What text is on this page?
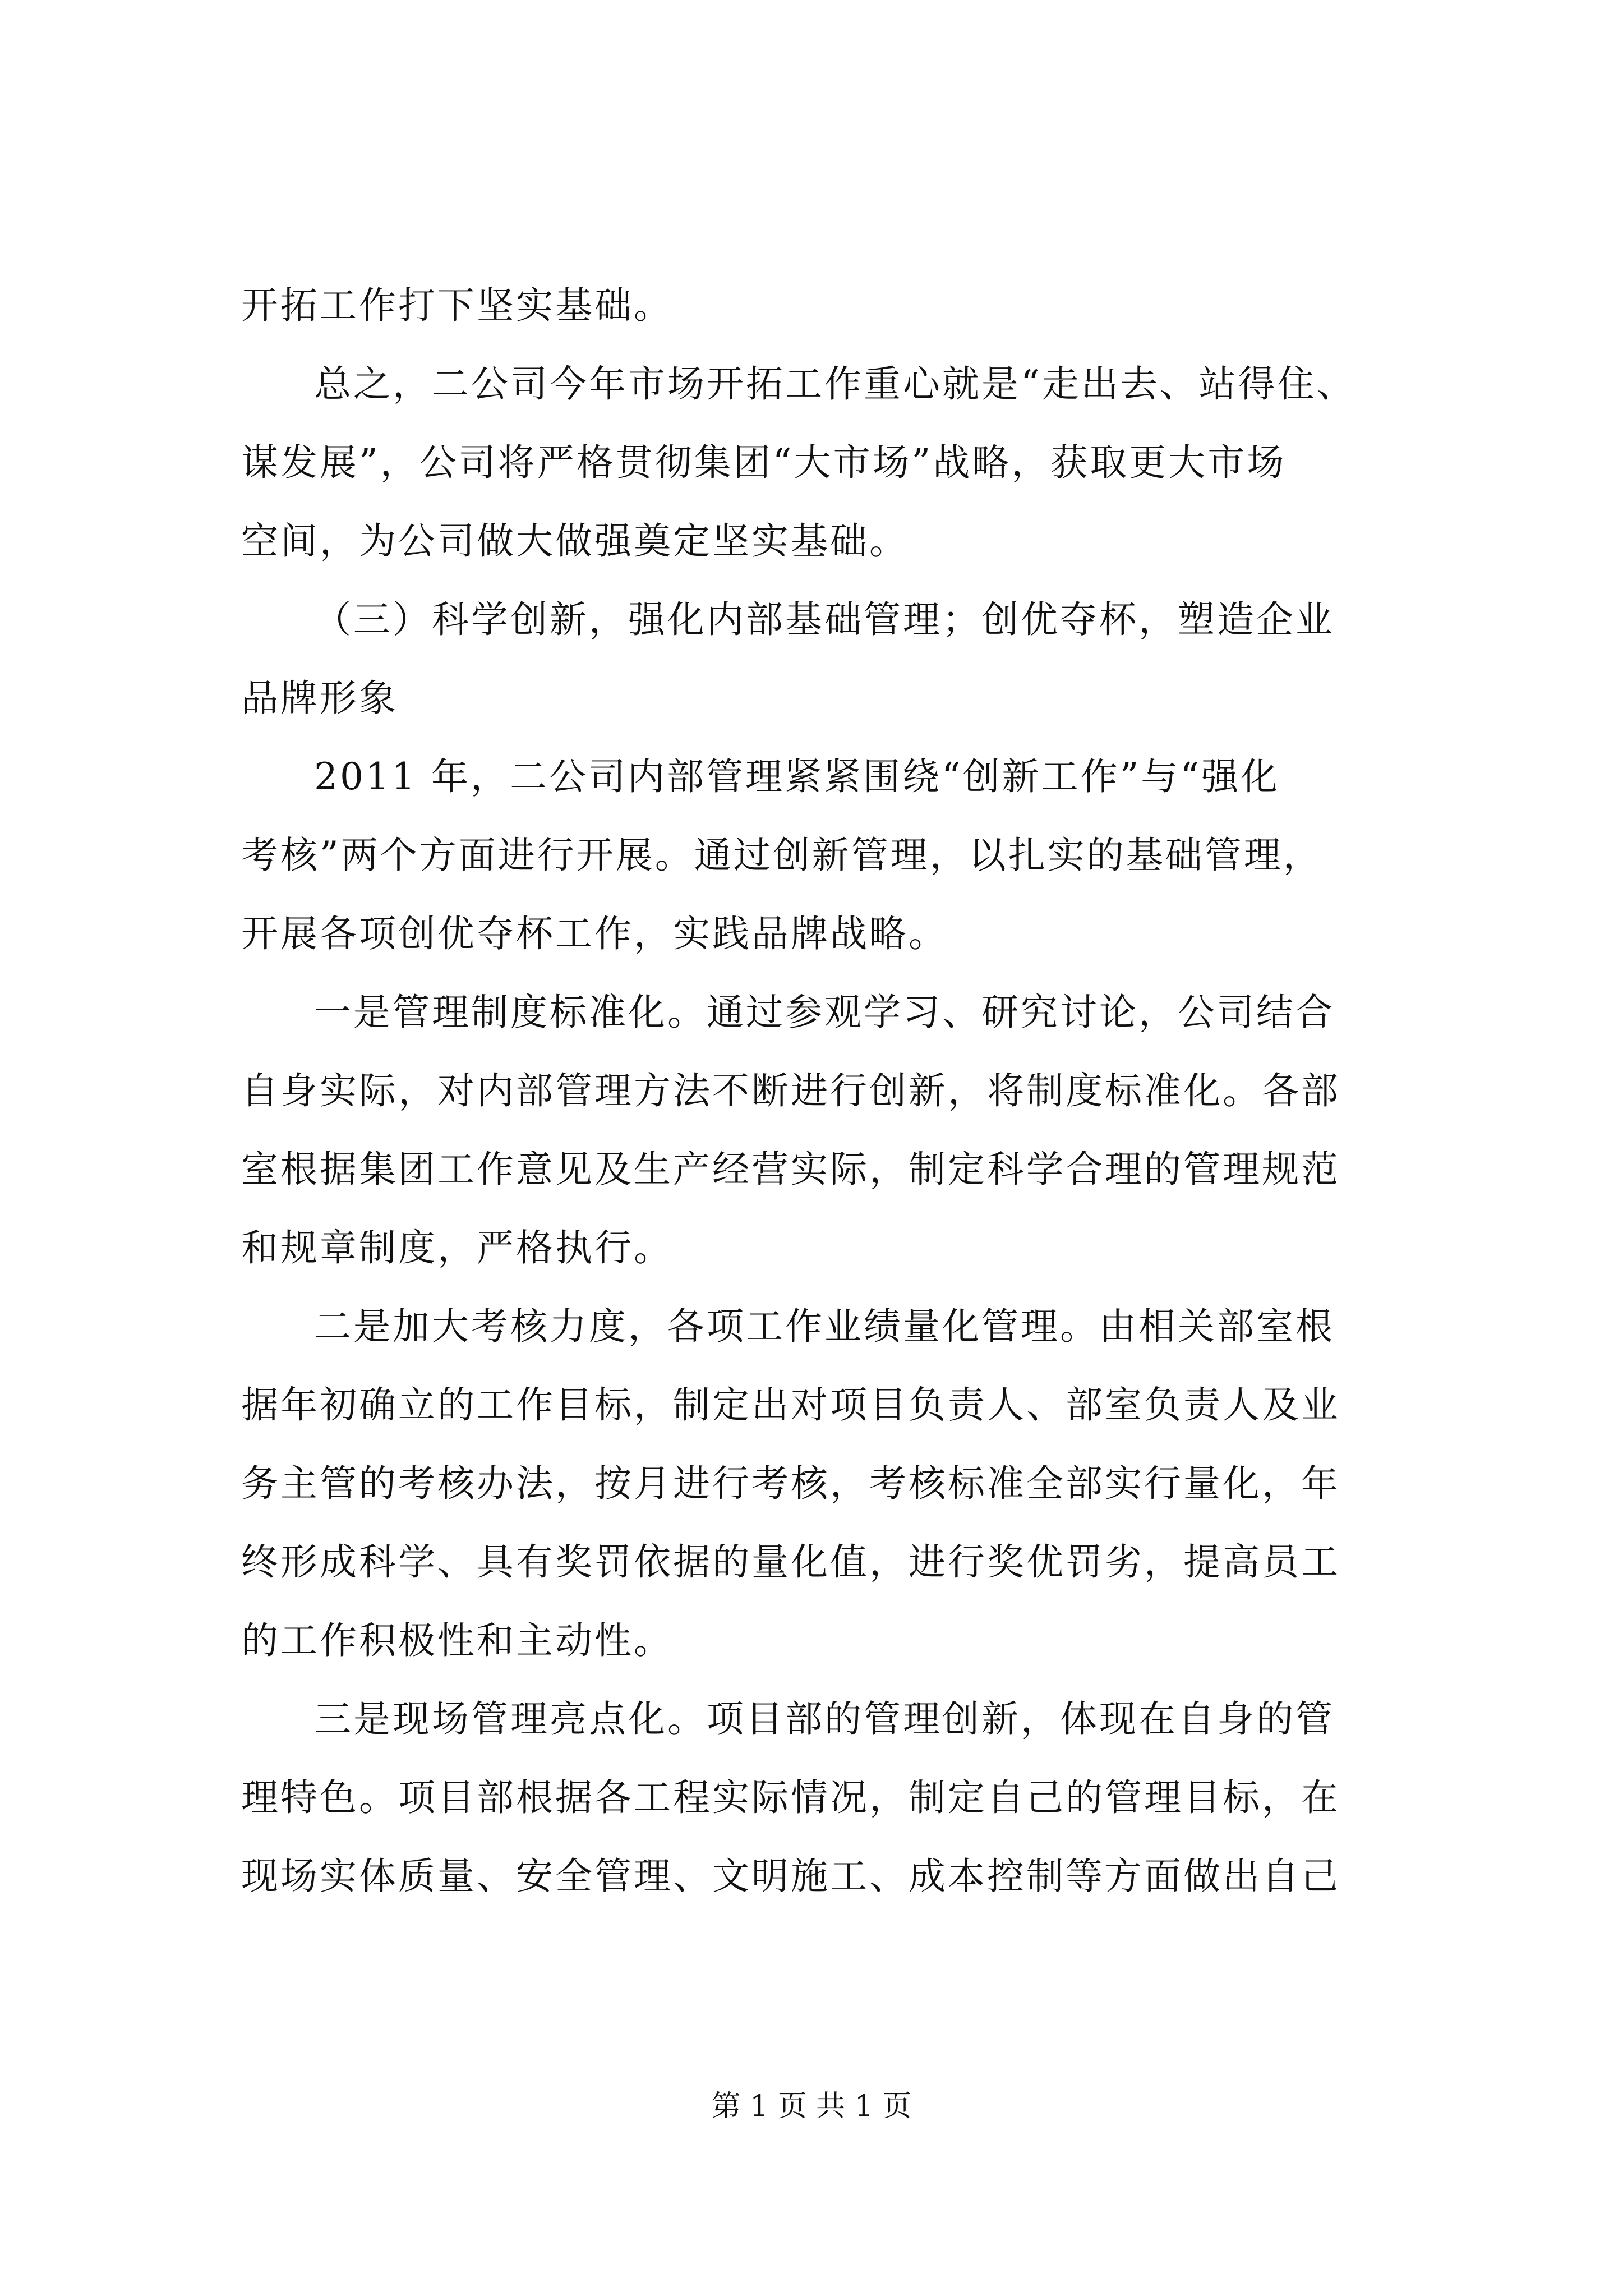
开拓工作打下坚实基础。
总之，二公司今年市场开拓工作重心就是“走出去、站得住、
谋发展”，公司将严格贯彻集团“大市场”战略，获取更大市场
空间，为公司做大做强奠定坚实基础。
（三）科学创新，强化内部基础管理；创优夺杯，塑造企业
品牌形象
2011 年，二公司内部管理紧紧围绕“创新工作”与“强化
考核”两个方面进行开展。通过创新管理，以扎实的基础管理，
开展各项创优夺杯工作，实践品牌战略。
一是管理制度标准化。通过参观学习、研究讨论，公司结合
自身实际，对内部管理方法不断进行创新，将制度标准化。各部
室根据集团工作意见及生产经营实际，制定科学合理的管理规范
和规章制度，严格执行。
二是加大考核力度，各项工作业绩量化管理。由相关部室根
据年初确立的工作目标，制定出对项目负责人、部室负责人及业
务主管的考核办法，按月进行考核，考核标准全部实行量化，年
终形成科学、具有奖罚依据的量化值，进行奖优罚劣，提高员工
的工作积极性和主动性。
三是现场管理亮点化。项目部的管理创新，体现在自身的管
理特色。项目部根据各工程实际情况，制定自己的管理目标，在
现场实体质量、安全管理、文明施工、成本控制等方面做出自己
第 1 页 共 1 页
